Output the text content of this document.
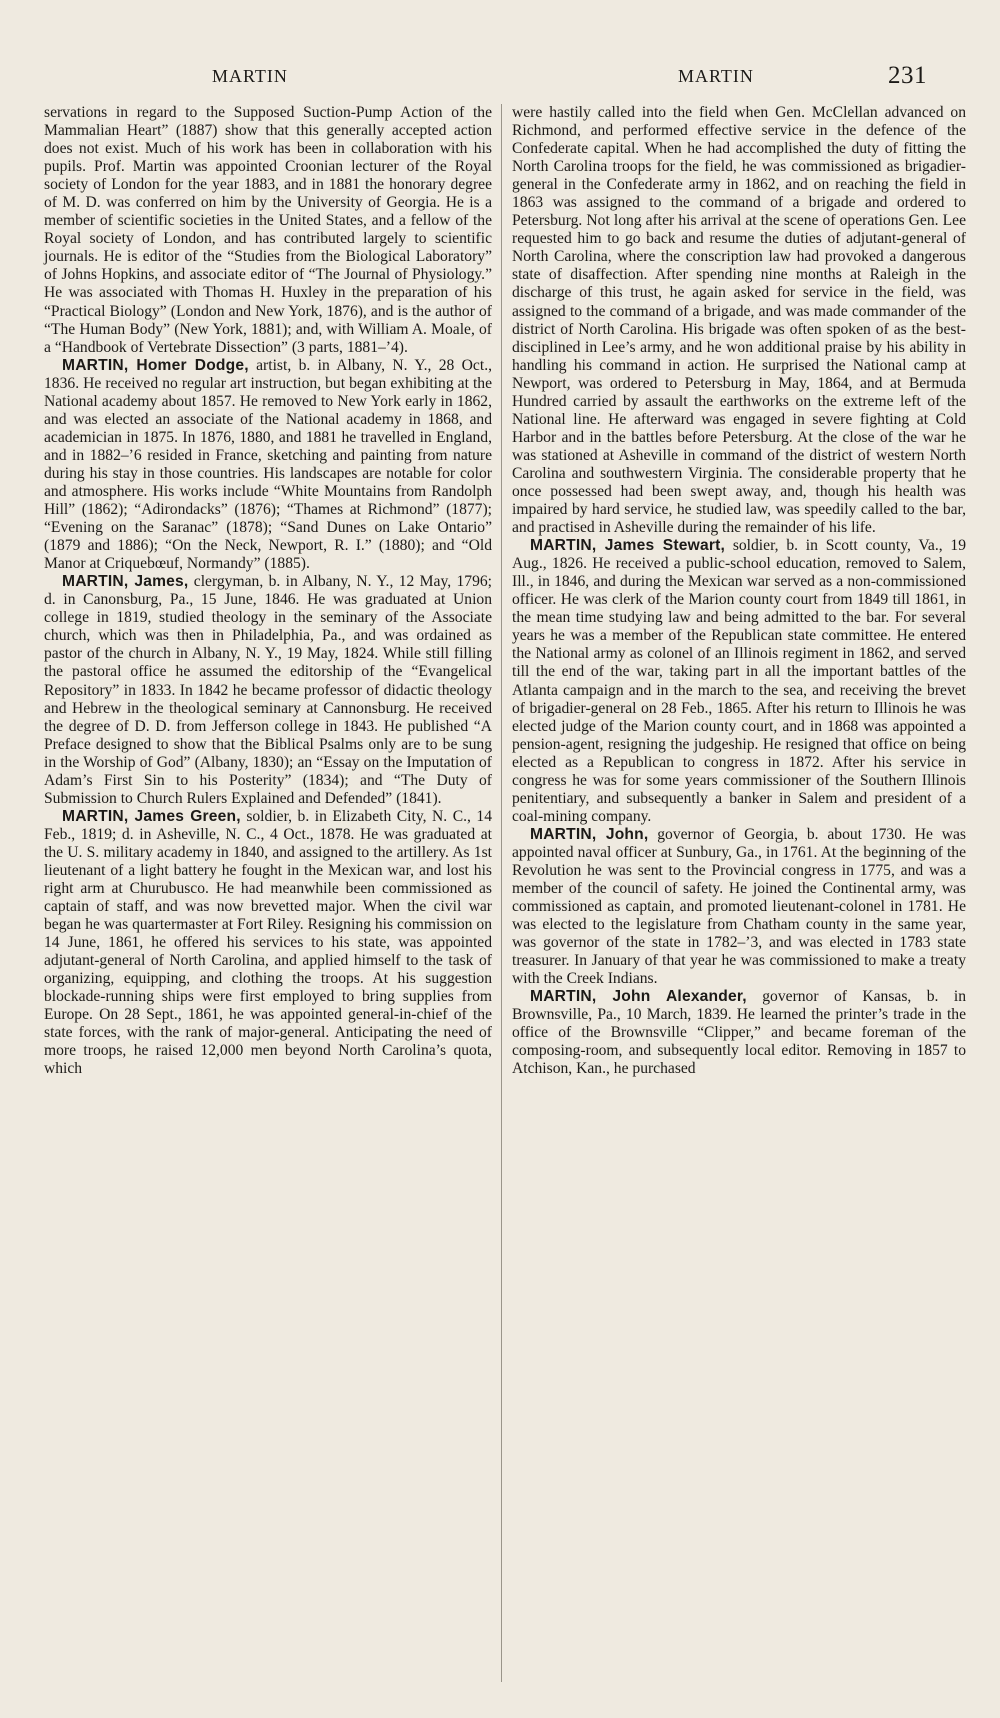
MARTIN	MARTIN	231

servations in regard to the Supposed Suction-Pump Action of the Mammalian Heart” (1887) show that this generally accepted action does not exist. Much of his work has been in collaboration with his pupils. Prof. Martin was appointed Croonian lecturer of the Royal society of London for the year 1883, and in 1881 the honorary degree of M. D. was conferred on him by the University of Georgia. He is a member of scientific societies in the United States, and a fellow of the Royal society of London, and has contributed largely to scientific journals. He is editor of the “Studies from the Biological Laboratory” of Johns Hopkins, and associate editor of “The Journal of Physiology.” He was associated with Thomas H. Huxley in the preparation of his “Practical Biology” (London and New York, 1876), and is the author of “The Human Body” (New York, 1881); and, with William A. Moale, of a “Handbook of Vertebrate Dissection” (3 parts, 1881–’4).

MARTIN, Homer Dodge, artist, b. in Albany, N. Y., 28 Oct., 1836. He received no regular art instruction, but began exhibiting at the National academy about 1857. He removed to New York early in 1862, and was elected an associate of the National academy in 1868, and academician in 1875. In 1876, 1880, and 1881 he travelled in England, and in 1882–’6 resided in France, sketching and painting from nature during his stay in those countries. His landscapes are notable for color and atmosphere. His works include “White Mountains from Randolph Hill” (1862); “Adirondacks” (1876); “Thames at Richmond” (1877); “Evening on the Saranac” (1878); “Sand Dunes on Lake Ontario” (1879 and 1886); “On the Neck, Newport, R. I.” (1880); and “Old Manor at Criquebœuf, Normandy” (1885).

MARTIN, James, clergyman, b. in Albany, N. Y., 12 May, 1796; d. in Canonsburg, Pa., 15 June, 1846. He was graduated at Union college in 1819, studied theology in the seminary of the Associate church, which was then in Philadelphia, Pa., and was ordained as pastor of the church in Albany, N. Y., 19 May, 1824. While still filling the pastoral office he assumed the editorship of the “Evangelical Repository” in 1833. In 1842 he became professor of didactic theology and Hebrew in the theological seminary at Cannonsburg. He received the degree of D. D. from Jefferson college in 1843. He published “A Preface designed to show that the Biblical Psalms only are to be sung in the Worship of God” (Albany, 1830); an “Essay on the Imputation of Adam’s First Sin to his Posterity” (1834); and “The Duty of Submission to Church Rulers Explained and Defended” (1841).

MARTIN, James Green, soldier, b. in Elizabeth City, N. C., 14 Feb., 1819; d. in Asheville, N. C., 4 Oct., 1878. He was graduated at the U. S. military academy in 1840, and assigned to the artillery. As 1st lieutenant of a light battery he fought in the Mexican war, and lost his right arm at Churubusco. He had meanwhile been commissioned as captain of staff, and was now brevetted major. When the civil war began he was quartermaster at Fort Riley. Resigning his commission on 14 June, 1861, he offered his services to his state, was appointed adjutant-general of North Carolina, and applied himself to the task of organizing, equipping, and clothing the troops. At his suggestion blockade-running ships were first employed to bring supplies from Europe. On 28 Sept., 1861, he was appointed general-in-chief of the state forces, with the rank of major-general. Anticipating the need of more troops, he raised 12,000 men beyond North Carolina’s quota, which

were hastily called into the field when Gen. McClellan advanced on Richmond, and performed effective service in the defence of the Confederate capital. When he had accomplished the duty of fitting the North Carolina troops for the field, he was commissioned as brigadier-general in the Confederate army in 1862, and on reaching the field in 1863 was assigned to the command of a brigade and ordered to Petersburg. Not long after his arrival at the scene of operations Gen. Lee requested him to go back and resume the duties of adjutant-general of North Carolina, where the conscription law had provoked a dangerous state of disaffection. After spending nine months at Raleigh in the discharge of this trust, he again asked for service in the field, was assigned to the command of a brigade, and was made commander of the district of North Carolina. His brigade was often spoken of as the best-disciplined in Lee’s army, and he won additional praise by his ability in handling his command in action. He surprised the National camp at Newport, was ordered to Petersburg in May, 1864, and at Bermuda Hundred carried by assault the earthworks on the extreme left of the National line. He afterward was engaged in severe fighting at Cold Harbor and in the battles before Petersburg. At the close of the war he was stationed at Asheville in command of the district of western North Carolina and southwestern Virginia. The considerable property that he once possessed had been swept away, and, though his health was impaired by hard service, he studied law, was speedily called to the bar, and practised in Asheville during the remainder of his life.

MARTIN, James Stewart, soldier, b. in Scott county, Va., 19 Aug., 1826. He received a public-school education, removed to Salem, Ill., in 1846, and during the Mexican war served as a non-commissioned officer. He was clerk of the Marion county court from 1849 till 1861, in the mean time studying law and being admitted to the bar. For several years he was a member of the Republican state committee. He entered the National army as colonel of an Illinois regiment in 1862, and served till the end of the war, taking part in all the important battles of the Atlanta campaign and in the march to the sea, and receiving the brevet of brigadier-general on 28 Feb., 1865. After his return to Illinois he was elected judge of the Marion county court, and in 1868 was appointed a pension-agent, resigning the judgeship. He resigned that office on being elected as a Republican to congress in 1872. After his service in congress he was for some years commissioner of the Southern Illinois penitentiary, and subsequently a banker in Salem and president of a coal-mining company.

MARTIN, John, governor of Georgia, b. about 1730. He was appointed naval officer at Sunbury, Ga., in 1761. At the beginning of the Revolution he was sent to the Provincial congress in 1775, and was a member of the council of safety. He joined the Continental army, was commissioned as captain, and promoted lieutenant-colonel in 1781. He was elected to the legislature from Chatham county in the same year, was governor of the state in 1782–’3, and was elected in 1783 state treasurer. In January of that year he was commissioned to make a treaty with the Creek Indians.

MARTIN, John Alexander, governor of Kansas, b. in Brownsville, Pa., 10 March, 1839. He learned the printer’s trade in the office of the Brownsville “Clipper,” and became foreman of the composing-room, and subsequently local editor. Removing in 1857 to Atchison, Kan., he purchased
